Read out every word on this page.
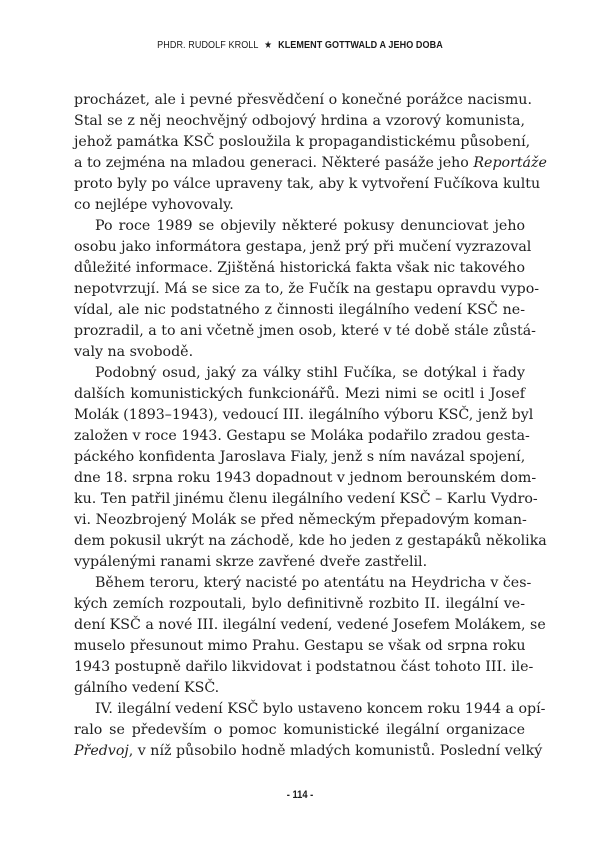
PHDR. RUDOLF KROLL ★ KLEMENT GOTTWALD A JEHO DOBA
procházet, ale i pevné přesvědčení o konečné porážce nacismu.
Stal se z něj neochvějný odbojový hrdina a vzorový komunista,
jehož památka KSČ posloužila k propagandistickému působení,
a to zejména na mladou generaci. Některé pasáže jeho Reportáže
proto byly po válce upraveny tak, aby k vytvoření Fučíkova kultu
co nejlépe vyhovovaly.
Po roce 1989 se objevily některé pokusy denunciovat jeho
osobu jako informátora gestapa, jenž prý při mučení vyzrazoval
důležité informace. Zjištěná historická fakta však nic takového
nepotvrzují. Má se sice za to, že Fučík na gestapu opravdu vypo-
vídal, ale nic podstatného z činnosti ilegálního vedení KSČ ne-
prozradil, a to ani včetně jmen osob, které v té době stále zůstá-
valy na svobodě.
Podobný osud, jaký za války stihl Fučíka, se dotýkal i řady
dalších komunistických funkcionářů. Mezi nimi se ocitl i Josef
Molák (1893–1943), vedoucí III. ilegálního výboru KSČ, jenž byl
založen v roce 1943. Gestapu se Moláka podařilo zradou gesta-
páckého konfidenta Jaroslava Fialy, jenž s ním navázal spojení,
dne 18. srpna roku 1943 dopadnout v jednom berounském dom-
ku. Ten patřil jinému členu ilegálního vedení KSČ – Karlu Vydro-
vi. Neozbrojený Molák se před německým přepadovým koman-
dem pokusil ukrýt na záchodě, kde ho jeden z gestapáků několika
vypálenými ranami skrze zavřené dveře zastřelil.
Během teroru, který nacisté po atentátu na Heydricha v čes-
kých zemích rozpoutali, bylo definitivně rozbito II. ilegální ve-
dení KSČ a nové III. ilegální vedení, vedené Josefem Molákem, se
muselo přesunout mimo Prahu. Gestapu se však od srpna roku
1943 postupně dařilo likvidovat i podstatnou část tohoto III. ile-
gálního vedení KSČ.
IV. ilegální vedení KSČ bylo ustaveno koncem roku 1944 a opí-
ralo se především o pomoc komunistické ilegální organizace
Předvoj, v níž působilo hodně mladých komunistů. Poslední velký
- 114 -
